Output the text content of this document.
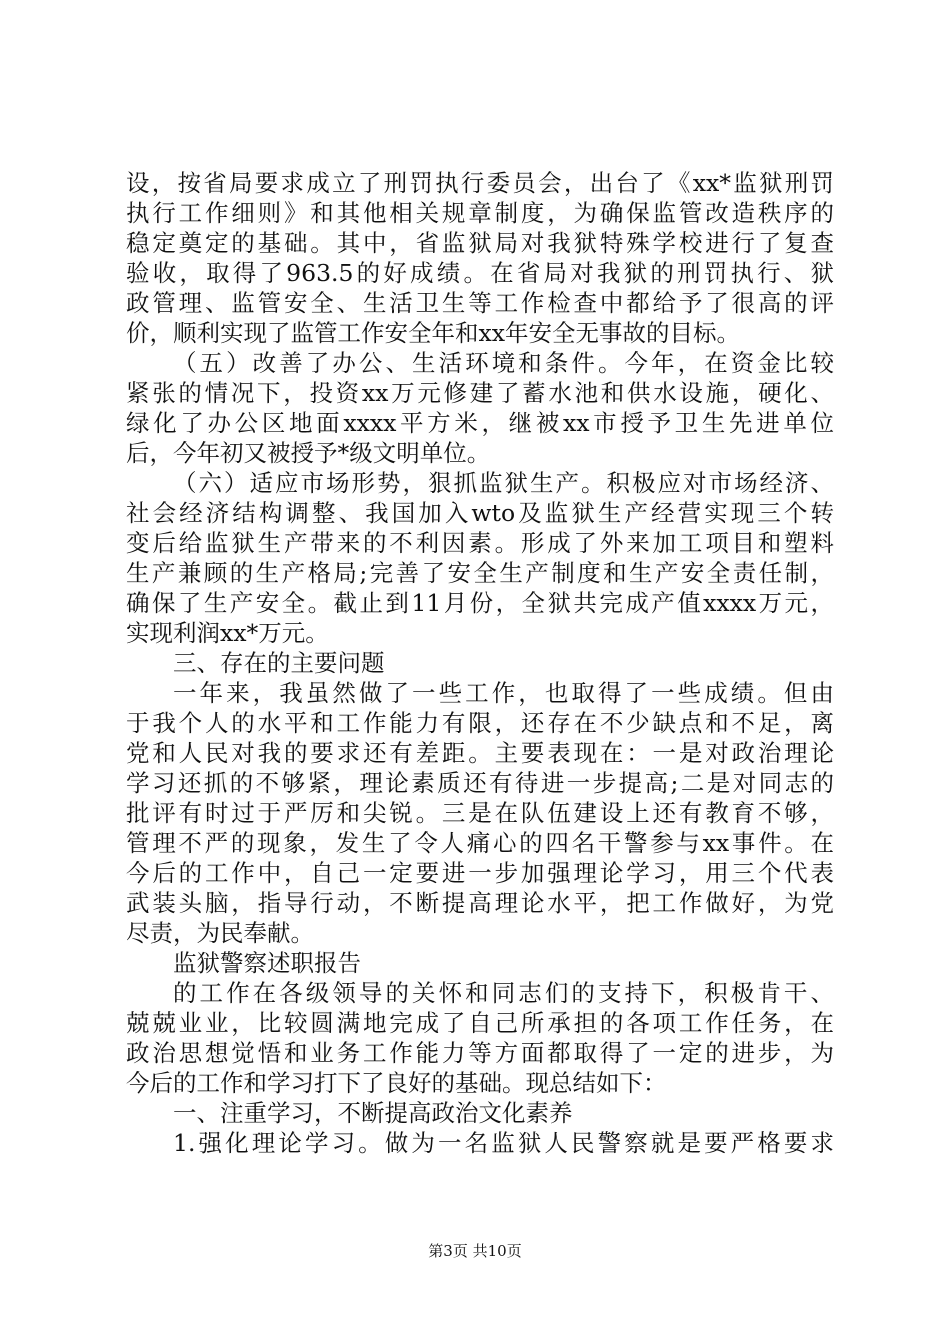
设，按省局要求成立了刑罚执行委员会，出台了《xx*监狱刑罚
执行工作细则》和其他相关规章制度，为确保监管改造秩序的
稳定奠定的基础。其中，省监狱局对我狱特殊学校进行了复查
验收，取得了963.5的好成绩。在省局对我狱的刑罚执行、狱
政管理、监管安全、生活卫生等工作检查中都给予了很高的评
价，顺利实现了监管工作安全年和xx年安全无事故的目标。
（五）改善了办公、生活环境和条件。今年，在资金比较
紧张的情况下，投资xx万元修建了蓄水池和供水设施，硬化、
绿化了办公区地面xxxx平方米，继被xx市授予卫生先进单位
后，今年初又被授予*级文明单位。
（六）适应市场形势，狠抓监狱生产。积极应对市场经济、
社会经济结构调整、我国加入wto及监狱生产经营实现三个转
变后给监狱生产带来的不利因素。形成了外来加工项目和塑料
生产兼顾的生产格局;完善了安全生产制度和生产安全责任制，
确保了生产安全。截止到11月份，全狱共完成产值xxxx万元，
实现利润xx*万元。
三、存在的主要问题
一年来，我虽然做了一些工作，也取得了一些成绩。但由
于我个人的水平和工作能力有限，还存在不少缺点和不足，离
党和人民对我的要求还有差距。主要表现在：一是对政治理论
学习还抓的不够紧，理论素质还有待进一步提高;二是对同志的
批评有时过于严厉和尖锐。三是在队伍建设上还有教育不够，
管理不严的现象，发生了令人痛心的四名干警参与xx事件。在
今后的工作中，自己一定要进一步加强理论学习，用三个代表
武装头脑，指导行动，不断提高理论水平，把工作做好，为党
尽责，为民奉献。
监狱警察述职报告
的工作在各级领导的关怀和同志们的支持下，积极肯干、
兢兢业业，比较圆满地完成了自己所承担的各项工作任务，在
政治思想觉悟和业务工作能力等方面都取得了一定的进步，为
今后的工作和学习打下了良好的基础。现总结如下：
一、注重学习，不断提高政治文化素养
1.强化理论学习。做为一名监狱人民警察就是要严格要求
第3页 共10页
